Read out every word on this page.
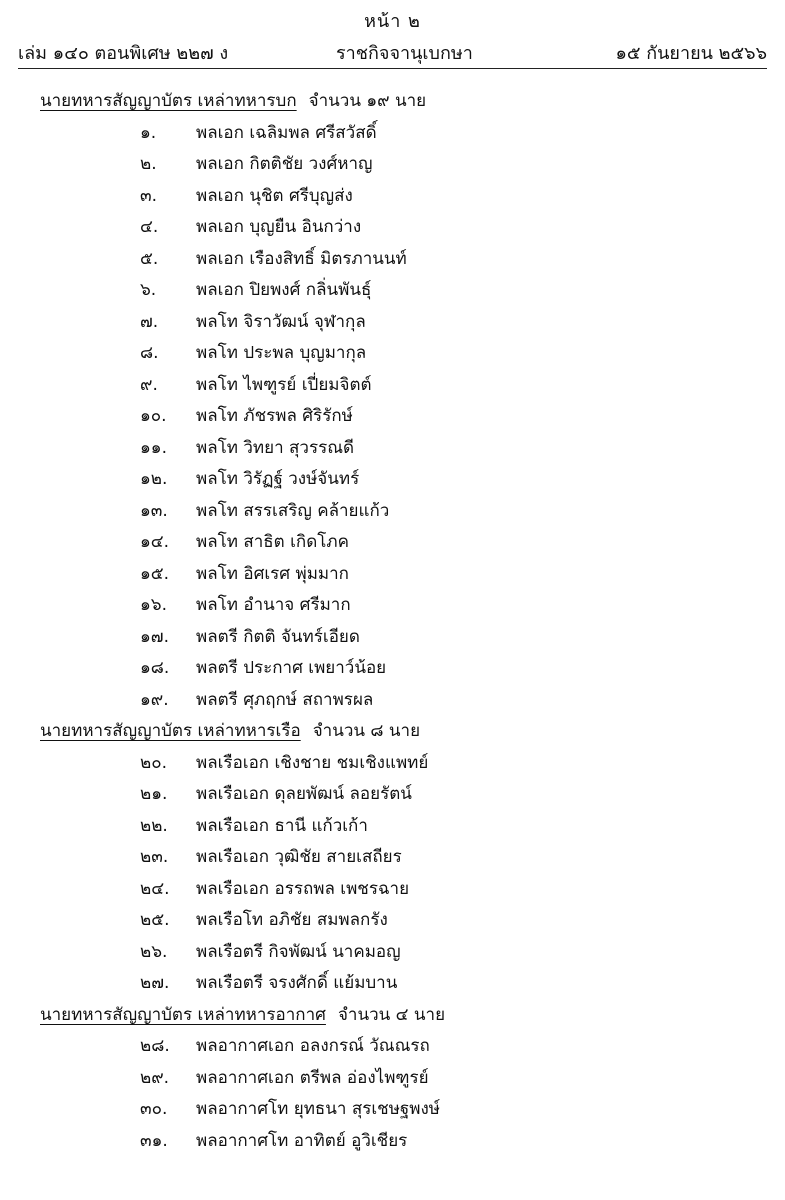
หน้า ๒
เล่ม ๑๔๐ ตอนพิเศษ ๒๒๗ ง	ราชกิจจานุเบกษา	๑๕ กันยายน ๒๕๖๖
นายทหารสัญญาบัตร เหล่าทหารบก จำนวน ๑๙ นาย
๑. พลเอก เฉลิมพล ศรีสวัสดิ์
๒. พลเอก กิตติชัย วงศ์หาญ
๓. พลเอก นุชิต ศรีบุญส่ง
๔. พลเอก บุญยืน อินกว่าง
๕. พลเอก เรืองสิทธิ์ มิตรภานนท์
๖. พลเอก ปิยพงศ์ กลิ่นพันธุ์
๗. พลโท จิราวัฒน์ จุฬากุล
๘. พลโท ประพล บุญมากุล
๙. พลโท ไพฑูรย์ เปี่ยมจิตต์
๑๐. พลโท ภัชรพล ศิริรักษ์
๑๑. พลโท วิทยา สุวรรณดี
๑๒. พลโท วิรัฏฐ์ วงษ์จันทร์
๑๓. พลโท สรรเสริญ คล้ายแก้ว
๑๔. พลโท สาธิต เกิดโภค
๑๕. พลโท อิศเรศ พุ่มมาก
๑๖. พลโท อำนาจ ศรีมาก
๑๗. พลตรี กิตติ จันทร์เอียด
๑๘. พลตรี ประกาศ เพยาว์น้อย
๑๙. พลตรี ศุภฤกษ์ สถาพรผล
นายทหารสัญญาบัตร เหล่าทหารเรือ จำนวน ๘ นาย
๒๐. พลเรือเอก เชิงชาย ชมเชิงแพทย์
๒๑. พลเรือเอก ดุลยพัฒน์ ลอยรัตน์
๒๒. พลเรือเอก ธานี แก้วเก้า
๒๓. พลเรือเอก วุฒิชัย สายเสถียร
๒๔. พลเรือเอก อรรถพล เพชรฉาย
๒๕. พลเรือโท อภิชัย สมพลกรัง
๒๖. พลเรือตรี กิจพัฒน์ นาคมอญ
๒๗. พลเรือตรี จรงศักดิ์ แย้มบาน
นายทหารสัญญาบัตร เหล่าทหารอากาศ จำนวน ๔ นาย
๒๘. พลอากาศเอก อลงกรณ์ วัณณรถ
๒๙. พลอากาศเอก ตรีพล อ่องไพฑูรย์
๓๐. พลอากาศโท ยุทธนา สุรเชษฐพงษ์
๓๑. พลอากาศโท อาทิตย์ อูวิเชียร
